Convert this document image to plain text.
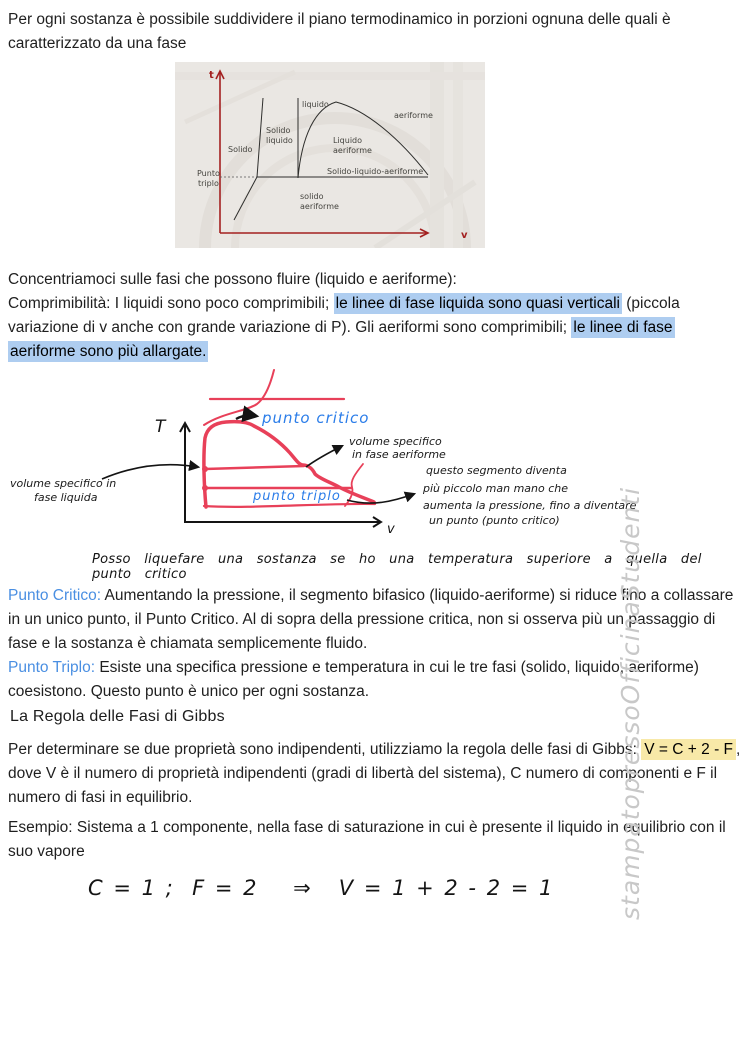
Per ogni sostanza è possibile suddividere il piano termodinamico in porzioni ognuna delle quali è caratterizzato da una fase
t
v
liquido
aeriforme
Solido
liquido
Solido
Liquido
aeriforme
Punto
triplo
Solido-liquido-aeriforme
solido
aeriforme
Concentriamoci sulle fasi che possono fluire (liquido e aeriforme):
Comprimibilità: I liquidi sono poco comprimibili; le linee di fase liquida sono quasi verticali (piccola variazione di v anche con grande variazione di P). Gli aeriformi sono comprimibili; le linee di fase aeriforme sono più allargate.
T
v
punto critico
punto triplo
volume specifico in
fase liquida
volume specifico
in fase aeriforme
questo segmento diventa
più piccolo man mano che
aumenta la pressione, fino a diventare
un punto (punto critico)
Posso liquefare una sostanza se ho una temperatura superiore a quella del punto critico
Punto Critico: Aumentando la pressione, il segmento bifasico (liquido-aeriforme) si riduce fino a collassare in un unico punto, il Punto Critico. Al di sopra della pressione critica, non si osserva più un passaggio di fase e la sostanza è chiamata semplicemente fluido.
Punto Triplo: Esiste una specifica pressione e temperatura in cui le tre fasi (solido, liquido, aeriforme) coesistono. Questo punto è unico per ogni sostanza.
La Regola delle Fasi di Gibbs
Per determinare se due proprietà sono indipendenti, utilizziamo la regola delle fasi di Gibbs: V = C + 2 - F , dove V è il numero di proprietà indipendenti (gradi di libertà del sistema), C numero di componenti e F il numero di fasi in equilibrio.
Esempio: Sistema a 1 componente, nella fase di saturazione in cui è presente il liquido in equilibrio con il suo vapore
C = 1 ;  F = 2    ⇒   V = 1 + 2 - 2 = 1 stampatopressoOfficinaStudenti
